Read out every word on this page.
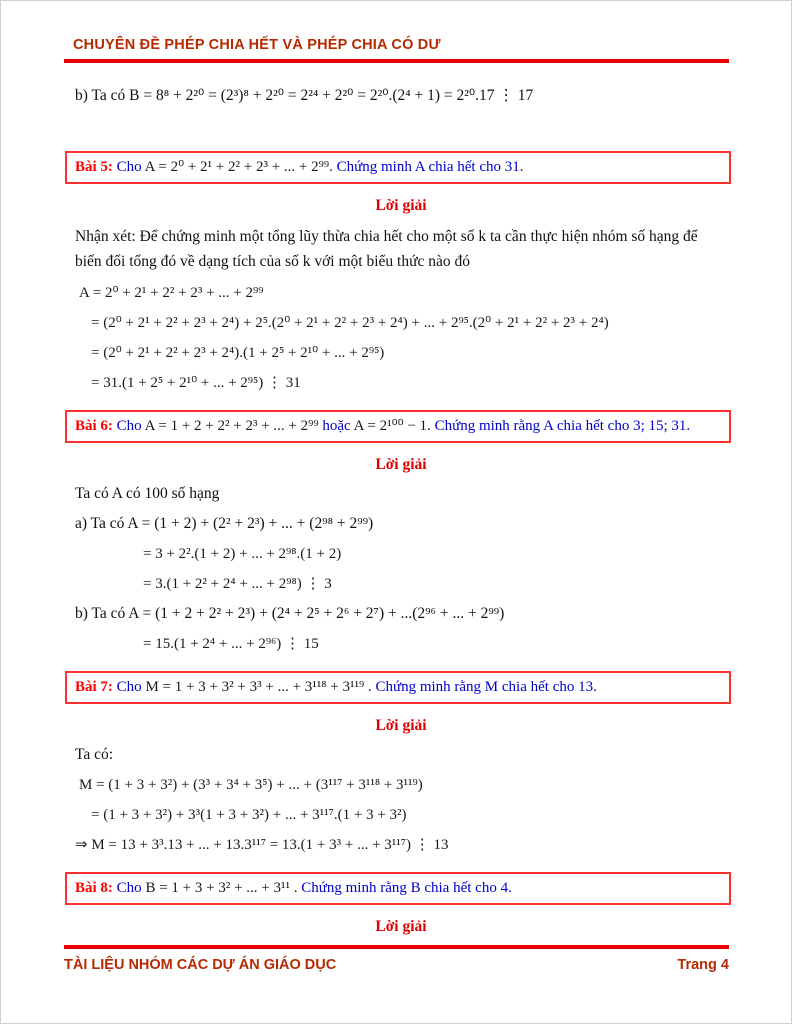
CHUYÊN ĐỀ PHÉP CHIA HẾT VÀ PHÉP CHIA CÓ DƯ
b) Ta có B = 8⁸ + 2²⁰ = (2³)⁸ + 2²⁰ = 2²⁴ + 2²⁰ = 2²⁰.(2⁴ + 1) = 2²⁰.17 ⋮ 17
Bài 5: Cho A = 2⁰ + 2¹ + 2² + 2³ + ... + 2⁹⁹. Chứng minh A chia hết cho 31.
Lời giải
Nhận xét: Để chứng minh một tổng lũy thừa chia hết cho một số k ta cần thực hiện nhóm số hạng để biến đổi tổng đó về dạng tích của số k với một biểu thức nào đó
A = 2⁰ + 2¹ + 2² + 2³ + ... + 2⁹⁹
= (2⁰ + 2¹ + 2² + 2³ + 2⁴) + 2⁵.(2⁰ + 2¹ + 2² + 2³ + 2⁴) + ... + 2⁹⁵.(2⁰ + 2¹ + 2² + 2³ + 2⁴)
= (2⁰ + 2¹ + 2² + 2³ + 2⁴).(1 + 2⁵ + 2¹⁰ + ... + 2⁹⁵)
= 31.(1 + 2⁵ + 2¹⁰ + ... + 2⁹⁵) ⋮ 31
Bài 6: Cho A = 1 + 2 + 2² + 2³ + ... + 2⁹⁹ hoặc A = 2¹⁰⁰ − 1. Chứng minh rằng A chia hết cho 3; 15; 31.
Lời giải
Ta có A có 100 số hạng
a) Ta có A = (1 + 2) + (2² + 2³) + ... + (2⁹⁸ + 2⁹⁹)
= 3 + 2².(1 + 2) + ... + 2⁹⁸.(1 + 2)
= 3.(1 + 2² + 2⁴ + ... + 2⁹⁸) ⋮ 3
b) Ta có A = (1 + 2 + 2² + 2³) + (2⁴ + 2⁵ + 2⁶ + 2⁷) + ...(2⁹⁶ + ... + 2⁹⁹)
= 15.(1 + 2⁴ + ... + 2⁹⁶) ⋮ 15
Bài 7: Cho M = 1 + 3 + 3² + 3³ + ... + 3¹¹⁸ + 3¹¹⁹ . Chứng minh rằng M chia hết cho 13.
Lời giải
Ta có:
M = (1 + 3 + 3²) + (3³ + 3⁴ + 3⁵) + ... + (3¹¹⁷ + 3¹¹⁸ + 3¹¹⁹)
= (1 + 3 + 3²) + 3³(1 + 3 + 3²) + ... + 3¹¹⁷.(1 + 3 + 3²)
⇒ M = 13 + 3³.13 + ... + 13.3¹¹⁷ = 13.(1 + 3³ + ... + 3¹¹⁷) ⋮ 13
Bài 8: Cho B = 1 + 3 + 3² + ... + 3¹¹ . Chứng minh rằng B chia hết cho 4.
Lời giải
TÀI LIỆU NHÓM CÁC DỰ ÁN GIÁO DỤC	Trang 4
